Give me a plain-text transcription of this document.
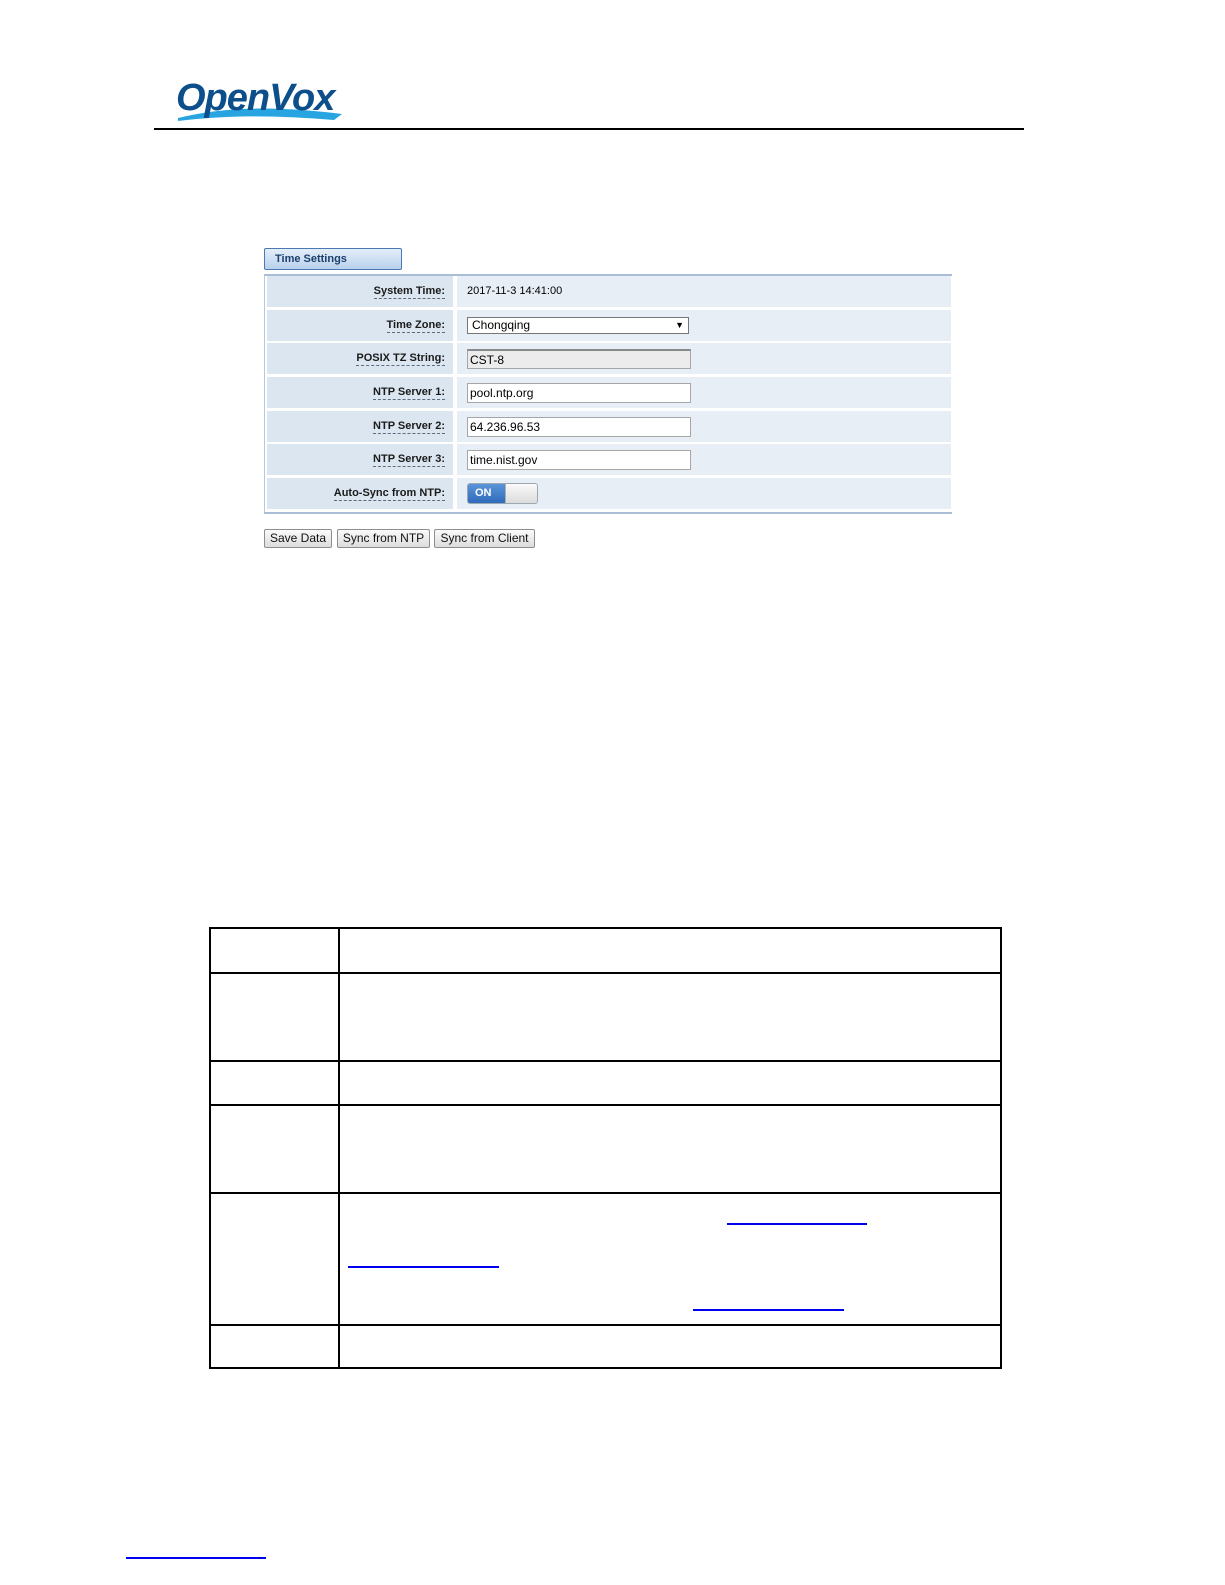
OpenVox
Time Settings
System Time:	2017-11-3 14:41:00
Time Zone:	Chongqing	▼
POSIX TZ String:	CST-8
NTP Server 1:	pool.ntp.org
NTP Server 2:	64.236.96.53
NTP Server 3:	time.nist.gov
Auto-Sync from NTP:	ON
Save Data	Sync from NTP	Sync from Client
